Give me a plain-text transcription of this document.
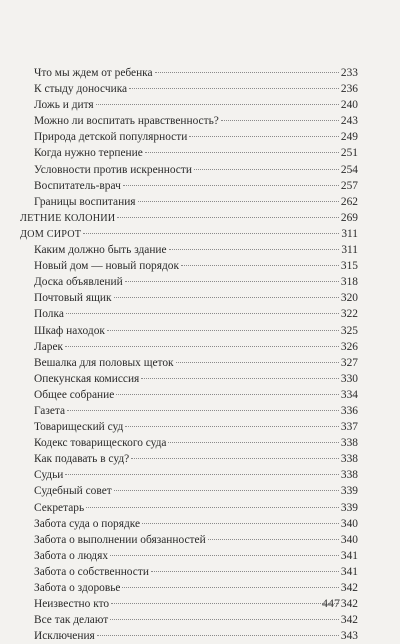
Что мы ждем от ребенка	233
К стыду доносчика	236
Ложь и дитя	240
Можно ли воспитать нравственность?	243
Природа детской популярности	249
Когда нужно терпение	251
Условности против искренности	254
Воспитатель-врач	257
Границы воспитания	262
ЛЕТНИЕ КОЛОНИИ	269
ДОМ СИРОТ	311
Каким должно быть здание	311
Новый дом — новый порядок	315
Доска объявлений	318
Почтовый ящик	320
Полка	322
Шкаф находок	325
Ларек	326
Вешалка для половых щеток	327
Опекунская комиссия	330
Общее собрание	334
Газета	336
Товарищеский суд	337
Кодекс товарищеского суда	338
Как подавать в суд?	338
Судьи	338
Судебный совет	339
Секретарь	339
Забота суда о порядке	340
Забота о выполнении обязанностей	340
Забота о людях	341
Забота о собственности	341
Забота о здоровье	342
Неизвестно кто	342
Все так делают	342
Исключения	343
447
